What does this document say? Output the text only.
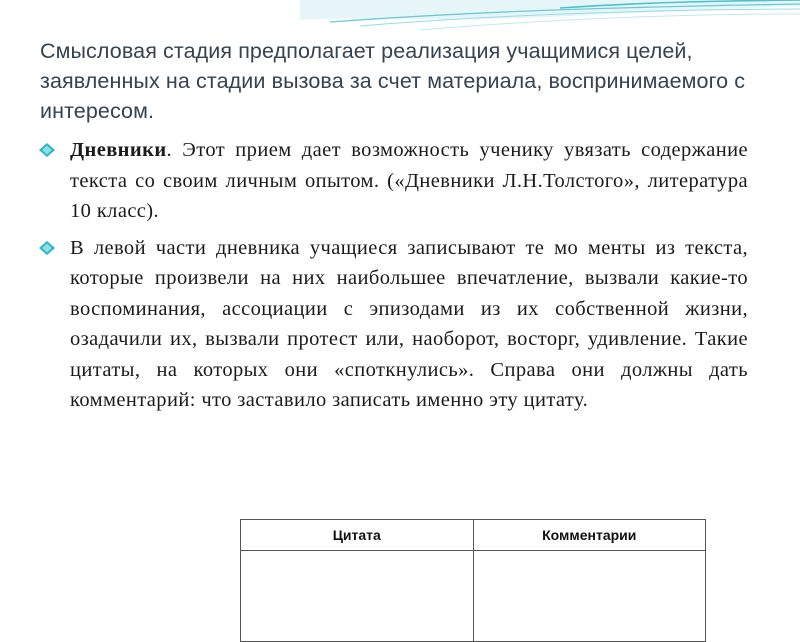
Смысловая стадия предполагает реализация учащимися целей, заявленных на стадии вызова за счет материала, воспринимаемого с интересом.
Дневники. Этот прием дает возможность ученику увязать содержание текста со своим личным опытом. («Дневники Л.Н.Толстого», литература 10 класс).
В левой части дневника учащиеся записывают те мо менты из текста, которые произвели на них наибольшее впечатление, вызвали какие-то воспоминания, ассоциации с эпизодами из их собственной жизни, озадачили их, вызвали протест или, наоборот, восторг, удивление. Такие цитаты, на которых они «споткнулись». Справа они должны дать комментарий: что заставило записать именно эту цитату.
Цитата	Комментарии
